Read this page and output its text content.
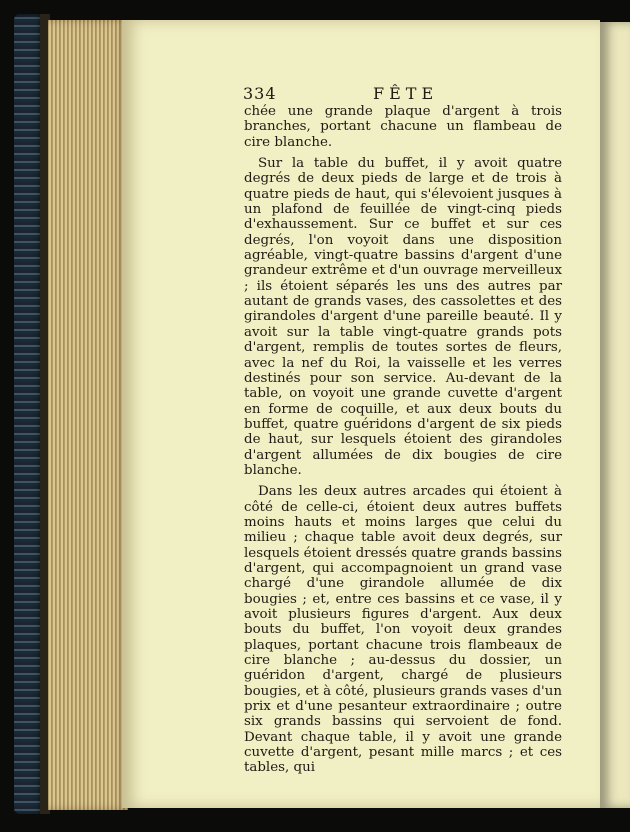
334	FÊTE

chée une grande plaque d'argent à trois branches, portant chacune un flambeau de cire blanche.

Sur la table du buffet, il y avoit quatre degrés de deux pieds de large et de trois à quatre pieds de haut, qui s'élevoient jusques à un plafond de feuillée de vingt-cinq pieds d'exhaussement. Sur ce buffet et sur ces degrés, l'on voyoit dans une disposition agréable, vingt-quatre bassins d'argent d'une grandeur extrême et d'un ouvrage merveilleux ; ils étoient séparés les uns des autres par autant de grands vases, des cassolettes et des girandoles d'argent d'une pareille beauté. Il y avoit sur la table vingt-quatre grands pots d'argent, remplis de toutes sortes de fleurs, avec la nef du Roi, la vaisselle et les verres destinés pour son service. Au-devant de la table, on voyoit une grande cuvette d'argent en forme de coquille, et aux deux bouts du buffet, quatre guéridons d'argent de six pieds de haut, sur lesquels étoient des girandoles d'argent allumées de dix bougies de cire blanche.

Dans les deux autres arcades qui étoient à côté de celle-ci, étoient deux autres buffets moins hauts et moins larges que celui du milieu ; chaque table avoit deux degrés, sur lesquels étoient dressés quatre grands bassins d'argent, qui accompagnoient un grand vase chargé d'une girandole allumée de dix bougies ; et, entre ces bassins et ce vase, il y avoit plusieurs figures d'argent. Aux deux bouts du buffet, l'on voyoit deux grandes plaques, portant chacune trois flambeaux de cire blanche ; au-dessus du dossier, un guéridon d'argent, chargé de plusieurs bougies, et à côté, plusieurs grands vases d'un prix et d'une pesanteur extraordinaire ; outre six grands bassins qui servoient de fond. Devant chaque table, il y avoit une grande cuvette d'argent, pesant mille marcs ; et ces tables, qui
